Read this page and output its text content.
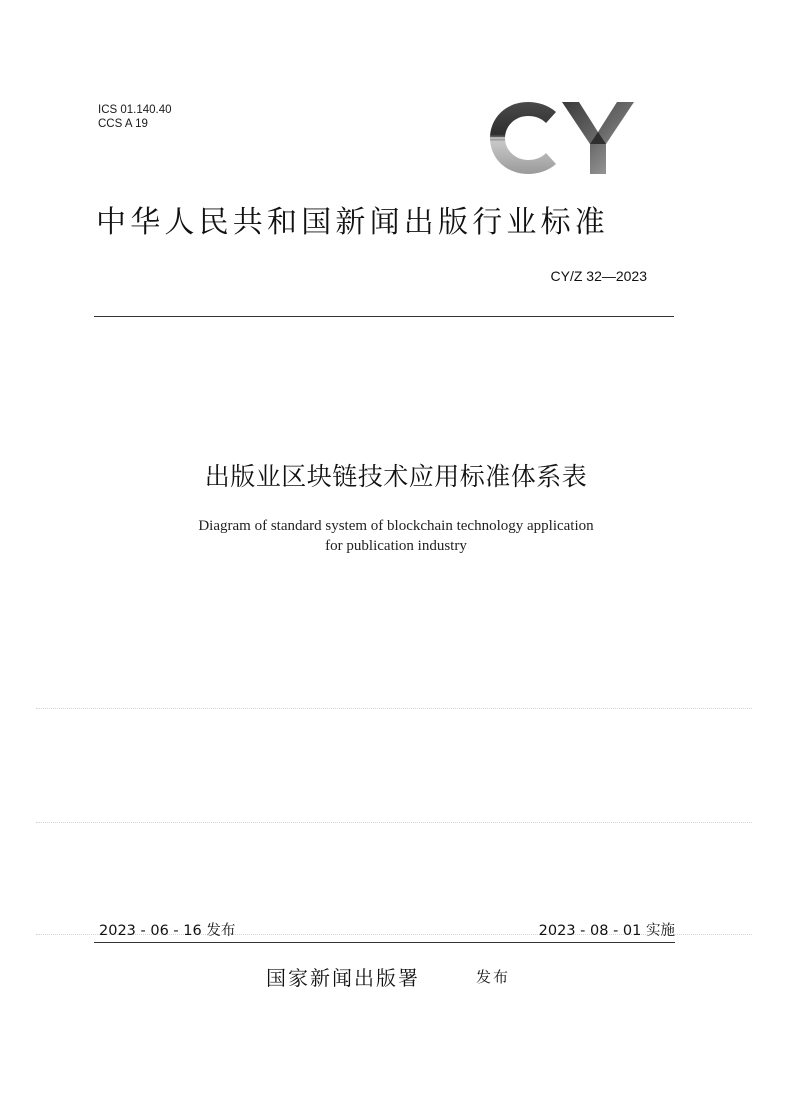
ICS 01.140.40
CCS A 19
中华人民共和国新闻出版行业标准
CY/Z 32—2023
出版业区块链技术应用标准体系表
Diagram of standard system of blockchain technology application
for publication industry
2023 - 06 - 16 发布	2023 - 08 - 01 实施
国家新闻出版署	发布
